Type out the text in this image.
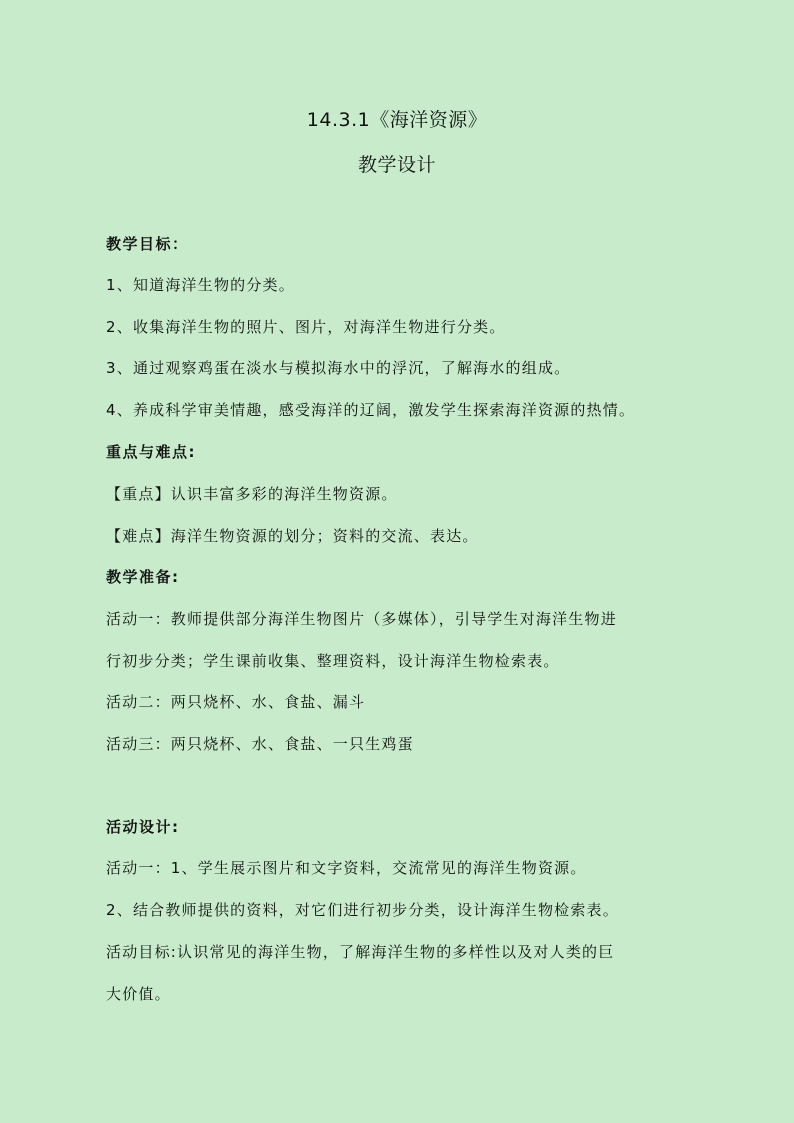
14.3.1《海洋资源》
教学设计
教学目标：
1、知道海洋生物的分类。
2、收集海洋生物的照片、图片，对海洋生物进行分类。
3、通过观察鸡蛋在淡水与模拟海水中的浮沉，了解海水的组成。
4、养成科学审美情趣，感受海洋的辽阔，激发学生探索海洋资源的热情。
重点与难点:
【重点】认识丰富多彩的海洋生物资源。
【难点】海洋生物资源的划分；资料的交流、表达。
教学准备:
活动一：教师提供部分海洋生物图片（多媒体），引导学生对海洋生物进
行初步分类；学生课前收集、整理资料，设计海洋生物检索表。
活动二：两只烧杯、水、食盐、漏斗
活动三：两只烧杯、水、食盐、一只生鸡蛋
活动设计:
活动一：1、学生展示图片和文字资料，交流常见的海洋生物资源。
2、结合教师提供的资料，对它们进行初步分类，设计海洋生物检索表。
活动目标:认识常见的海洋生物，了解海洋生物的多样性以及对人类的巨
大价值。
